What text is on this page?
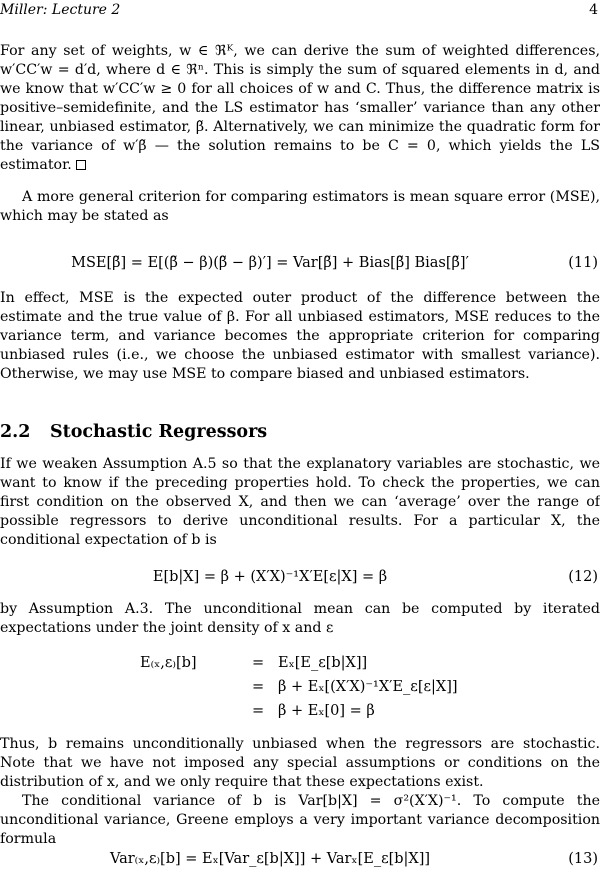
Miller: Lecture 2	4

For any set of weights, w ∈ ℜᴷ, we can derive the sum of weighted differences, w′CC′w = d′d, where d ∈ ℜⁿ. This is simply the sum of squared elements in d, and we know that w′CC′w ≥ 0 for all choices of w and C. Thus, the difference matrix is positive–semidefinite, and the LS estimator has ‘smaller’ variance than any other linear, unbiased estimator, β̃. Alternatively, we can minimize the quadratic form for the variance of w′β̃ — the solution remains to be C = 0, which yields the LS estimator.

A more general criterion for comparing estimators is mean square error (MSE), which may be stated as

MSE[β̃] = E[(β̃ − β)(β̃ − β)′] = Var[β̃] + Bias[β̃] Bias[β̃]′	(11)

In effect, MSE is the expected outer product of the difference between the estimate and the true value of β. For all unbiased estimators, MSE reduces to the variance term, and variance becomes the appropriate criterion for comparing unbiased rules (i.e., we choose the unbiased estimator with smallest variance). Otherwise, we may use MSE to compare biased and unbiased estimators.

2.2 Stochastic Regressors

If we weaken Assumption A.5 so that the explanatory variables are stochastic, we want to know if the preceding properties hold. To check the properties, we can first condition on the observed X, and then we can ‘average’ over the range of possible regressors to derive unconditional results. For a particular X, the conditional expectation of b is

E[b|X] = β + (X′X)⁻¹X′E[ε|X] = β	(12)

by Assumption A.3. The unconditional mean can be computed by iterated expectations under the joint density of x and ε

E₍ₓ,ε₎[b]	= Eₓ[E_ε[b|X]]
= β + Eₓ[(X′X)⁻¹X′E_ε[ε|X]]
= β + Eₓ[0] = β

Thus, b remains unconditionally unbiased when the regressors are stochastic. Note that we have not imposed any special assumptions or conditions on the distribution of x, and we only require that these expectations exist.

The conditional variance of b is Var[b|X] = σ²(X′X)⁻¹. To compute the unconditional variance, Greene employs a very important variance decomposition formula

Var₍ₓ,ε₎[b] = Eₓ[Var_ε[b|X]] + Varₓ[E_ε[b|X]]	(13)
